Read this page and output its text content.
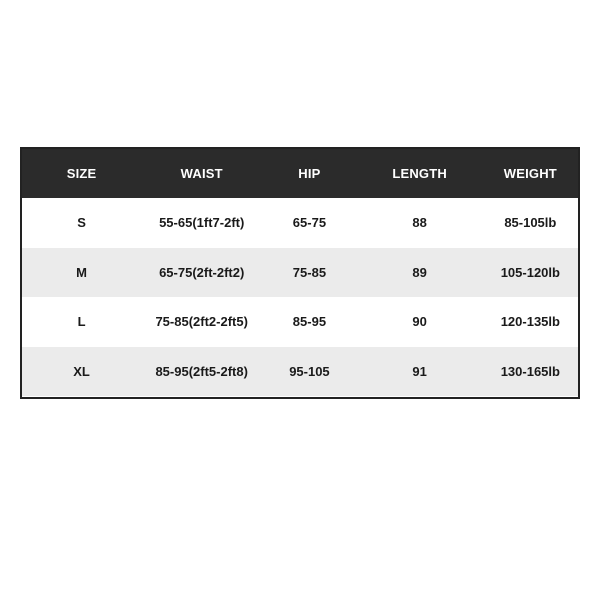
SIZE	WAIST	HIP	LENGTH	WEIGHT
S	55-65(1ft7-2ft)	65-75	88	85-105lb
M	65-75(2ft-2ft2)	75-85	89	105-120lb
L	75-85(2ft2-2ft5)	85-95	90	120-135lb
XL	85-95(2ft5-2ft8)	95-105	91	130-165lb
